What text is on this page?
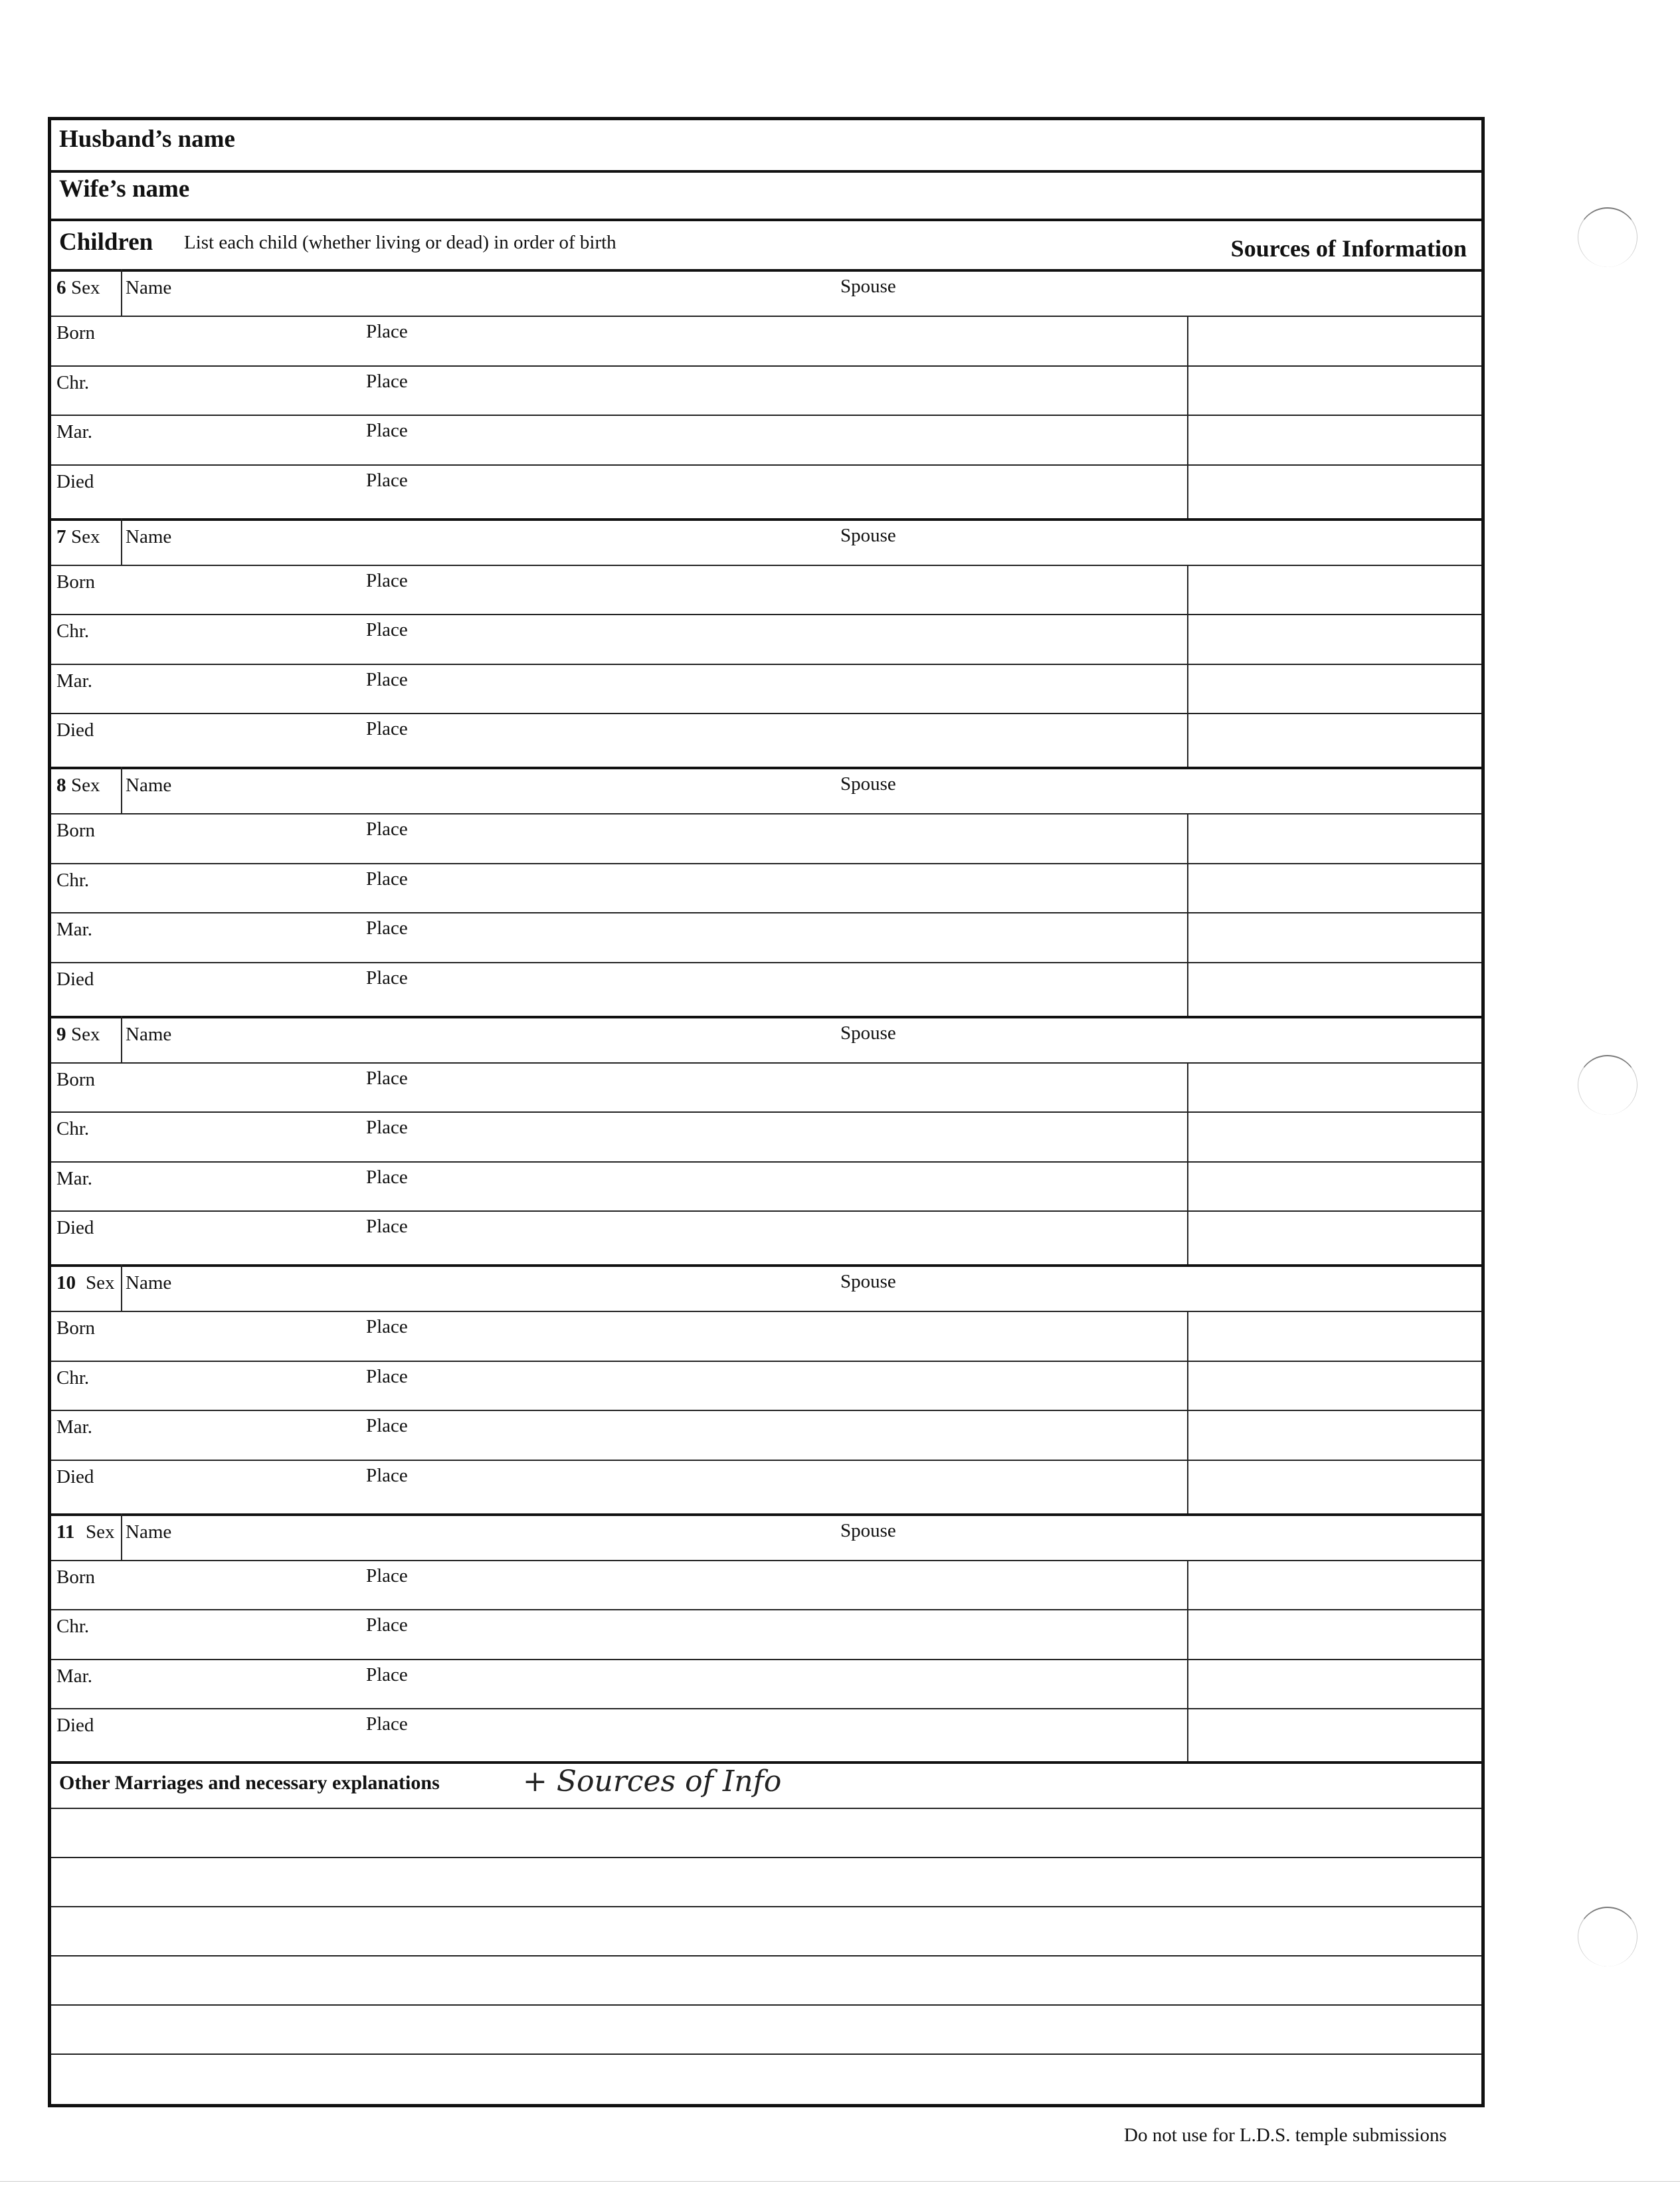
Husband’s name
Wife’s name
Children List each child (whether living or dead) in order of birth	Sources of Information
6 Sex Name	Spouse
Born	Place
Chr.	Place
Mar.	Place
Died	Place
7 Sex Name	Spouse
Born	Place
Chr.	Place
Mar.	Place
Died	Place
8 Sex Name	Spouse
Born	Place
Chr.	Place
Mar.	Place
Died	Place
9 Sex Name	Spouse
Born	Place
Chr.	Place
Mar.	Place
Died	Place
10 Sex Name	Spouse
Born	Place
Chr.	Place
Mar.	Place
Died	Place
11 Sex Name	Spouse
Born	Place
Chr.	Place
Mar.	Place
Died	Place
Other Marriages and necessary explanations	+ Sources of Info
Do not use for L.D.S. temple submissions
